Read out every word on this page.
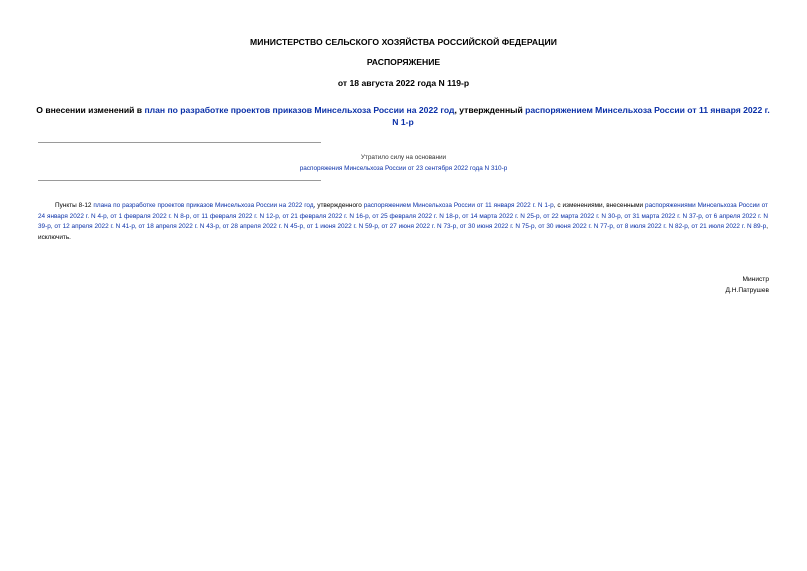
МИНИСТЕРСТВО СЕЛЬСКОГО ХОЗЯЙСТВА РОССИЙСКОЙ ФЕДЕРАЦИИ
РАСПОРЯЖЕНИЕ
от 18 августа 2022 года N 119-р
О внесении изменений в план по разработке проектов приказов Минсельхоза России на 2022 год, утвержденный распоряжением Минсельхоза России от 11 января 2022 г. N 1-р
Утратило силу на основании
распоряжения Минсельхоза России от 23 сентября 2022 года N 310-р
Пункты 8-12 плана по разработке проектов приказов Минсельхоза России на 2022 год, утвержденного распоряжением Минсельхоза России от 11 января 2022 г. N 1-р, с изменениями, внесенными распоряжениями Минсельхоза России от 24 января 2022 г. N 4-р, от 1 февраля 2022 г. N 8-р, от 11 февраля 2022 г. N 12-р, от 21 февраля 2022 г. N 16-р, от 25 февраля 2022 г. N 18-р, от 14 марта 2022 г. N 25-р, от 22 марта 2022 г. N 30-р, от 31 марта 2022 г. N 37-р, от 6 апреля 2022 г. N 39-р, от 12 апреля 2022 г. N 41-р, от 18 апреля 2022 г. N 43-р, от 28 апреля 2022 г. N 45-р, от 1 июня 2022 г. N 59-р, от 27 июня 2022 г. N 73-р, от 30 июня 2022 г. N 75-р, от 30 июня 2022 г. N 77-р, от 8 июля 2022 г. N 82-р, от 21 июля 2022 г. N 89-р, исключить.
Министр
Д.Н.Патрушев
